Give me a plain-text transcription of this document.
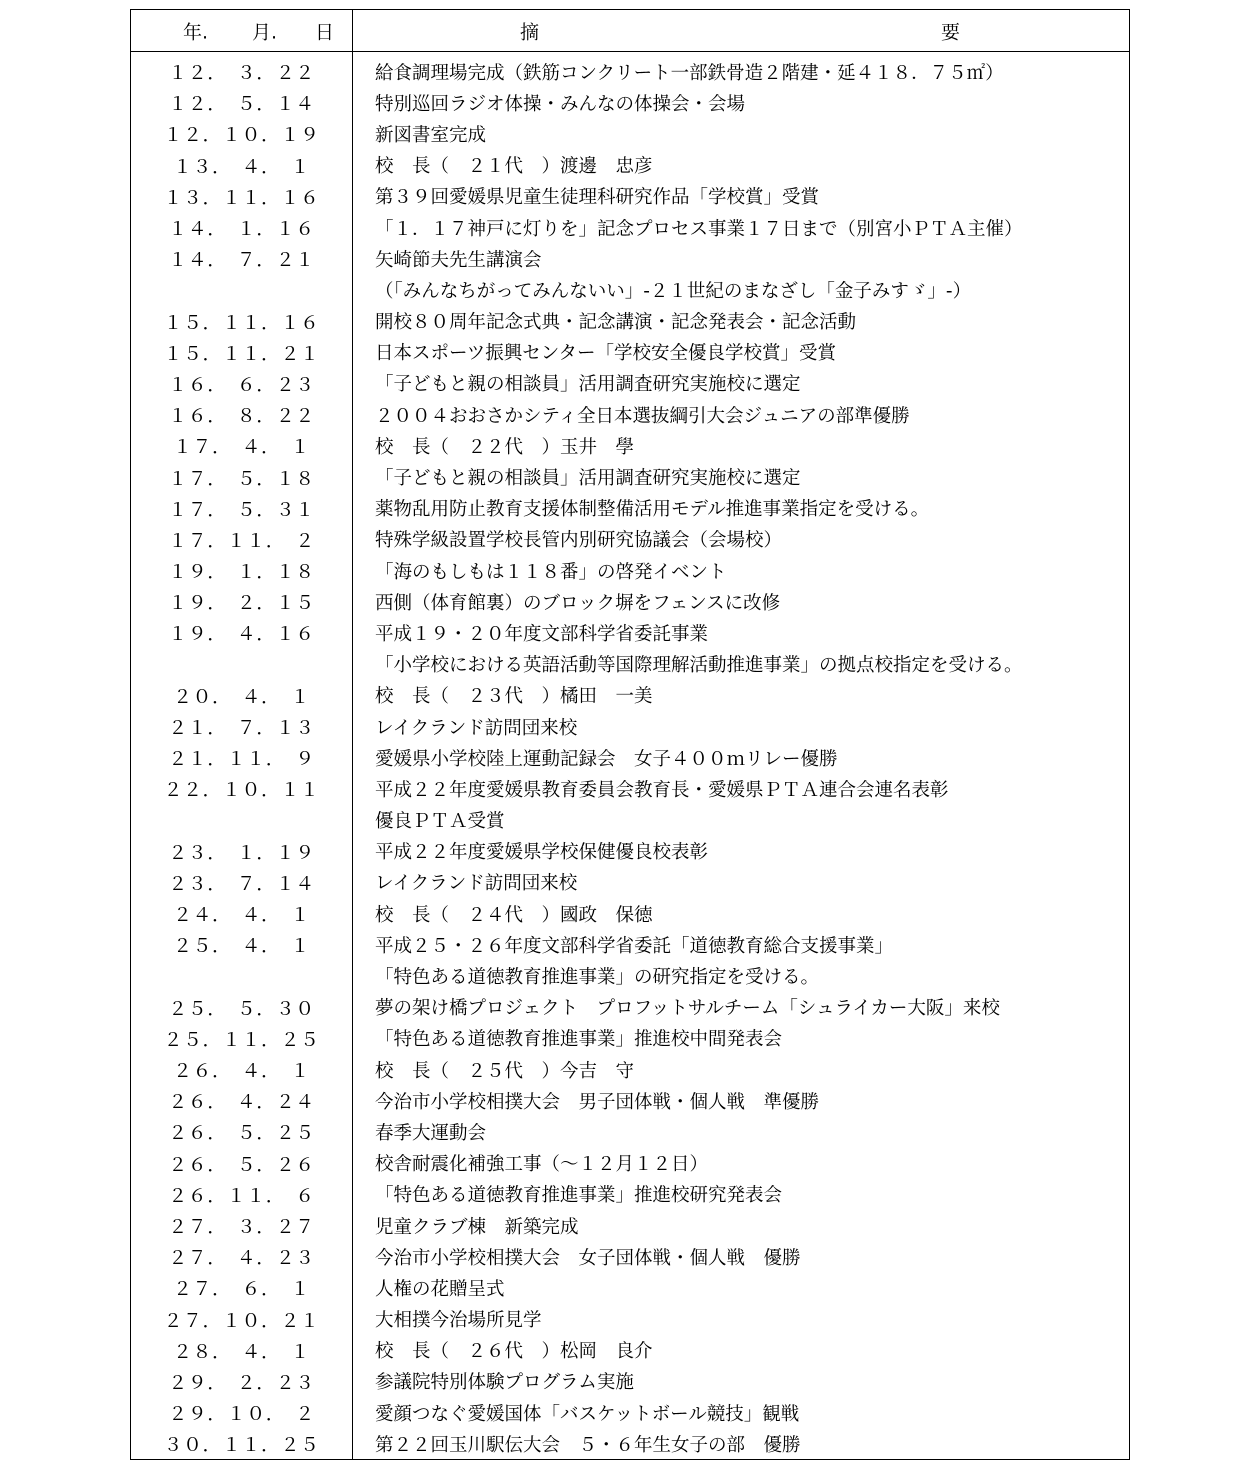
年. 月. 日	摘	要
１２．　３．２２	給食調理場完成（鉄筋コンクリート一部鉄骨造２階建・延４１８．７５㎡）
１２．　５．１４	特別巡回ラジオ体操・みんなの体操会・会場
１２．１０．１９	新図書室完成
１３．　４．　１	校　長（　２１代　）渡邊　忠彦
１３．１１．１６	第３９回愛媛県児童生徒理科研究作品「学校賞」受賞
１４．　１．１６	「１．１７神戸に灯りを」記念プロセス事業１７日まで（別宮小ＰＴＡ主催）
１４．　７．２１	矢崎節夫先生講演会
（「みんなちがってみんないい」-２１世紀のまなざし「金子みすゞ」-）
１５．１１．１６	開校８０周年記念式典・記念講演・記念発表会・記念活動
１５．１１．２１	日本スポーツ振興センター「学校安全優良学校賞」受賞
１６．　６．２３	「子どもと親の相談員」活用調査研究実施校に選定
１６．　８．２２	２００４おおさかシティ全日本選抜綱引大会ジュニアの部準優勝
１７．　４．　１	校　長（　２２代　）玉井　學
１７．　５．１８	「子どもと親の相談員」活用調査研究実施校に選定
１７．　５．３１	薬物乱用防止教育支援体制整備活用モデル推進事業指定を受ける。
１７．１１．　２	特殊学級設置学校長管内別研究協議会（会場校）
１９．　１．１８	「海のもしもは１１８番」の啓発イベント
１９．　２．１５	西側（体育館裏）のブロック塀をフェンスに改修
１９．　４．１６	平成１９・２０年度文部科学省委託事業
「小学校における英語活動等国際理解活動推進事業」の拠点校指定を受ける。
２０．　４．　１	校　長（　２３代　）橘田　一美
２１．　７．１３	レイクランド訪問団来校
２１．１１．　９	愛媛県小学校陸上運動記録会　女子４００ｍリレー優勝
２２．１０．１１	平成２２年度愛媛県教育委員会教育長・愛媛県ＰＴＡ連合会連名表彰
優良ＰＴＡ受賞
２３．　１．１９	平成２２年度愛媛県学校保健優良校表彰
２３．　７．１４	レイクランド訪問団来校
２４．　４．　１	校　長（　２４代　）國政　保徳
２５．　４．　１	平成２５・２６年度文部科学省委託「道徳教育総合支援事業」
「特色ある道徳教育推進事業」の研究指定を受ける。
２５．　５．３０	夢の架け橋プロジェクト　プロフットサルチーム「シュライカー大阪」来校
２５．１１．２５	「特色ある道徳教育推進事業」推進校中間発表会
２６．　４．　１	校　長（　２５代　）今吉　守
２６．　４．２４	今治市小学校相撲大会　男子団体戦・個人戦　準優勝
２６．　５．２５	春季大運動会
２６．　５．２６	校舎耐震化補強工事（～１２月１２日）
２６．１１．　６	「特色ある道徳教育推進事業」推進校研究発表会
２７．　３．２７	児童クラブ棟　新築完成
２７．　４．２３	今治市小学校相撲大会　女子団体戦・個人戦　優勝
２７．　６．　１	人権の花贈呈式
２７．１０．２１	大相撲今治場所見学
２８．　４．　１	校　長（　２６代　）松岡　良介
２９．　２．２３	参議院特別体験プログラム実施
２９．１０．　２	愛顔つなぐ愛媛国体「バスケットボール競技」観戦
３０．１１．２５	第２２回玉川駅伝大会　５・６年生女子の部　優勝
